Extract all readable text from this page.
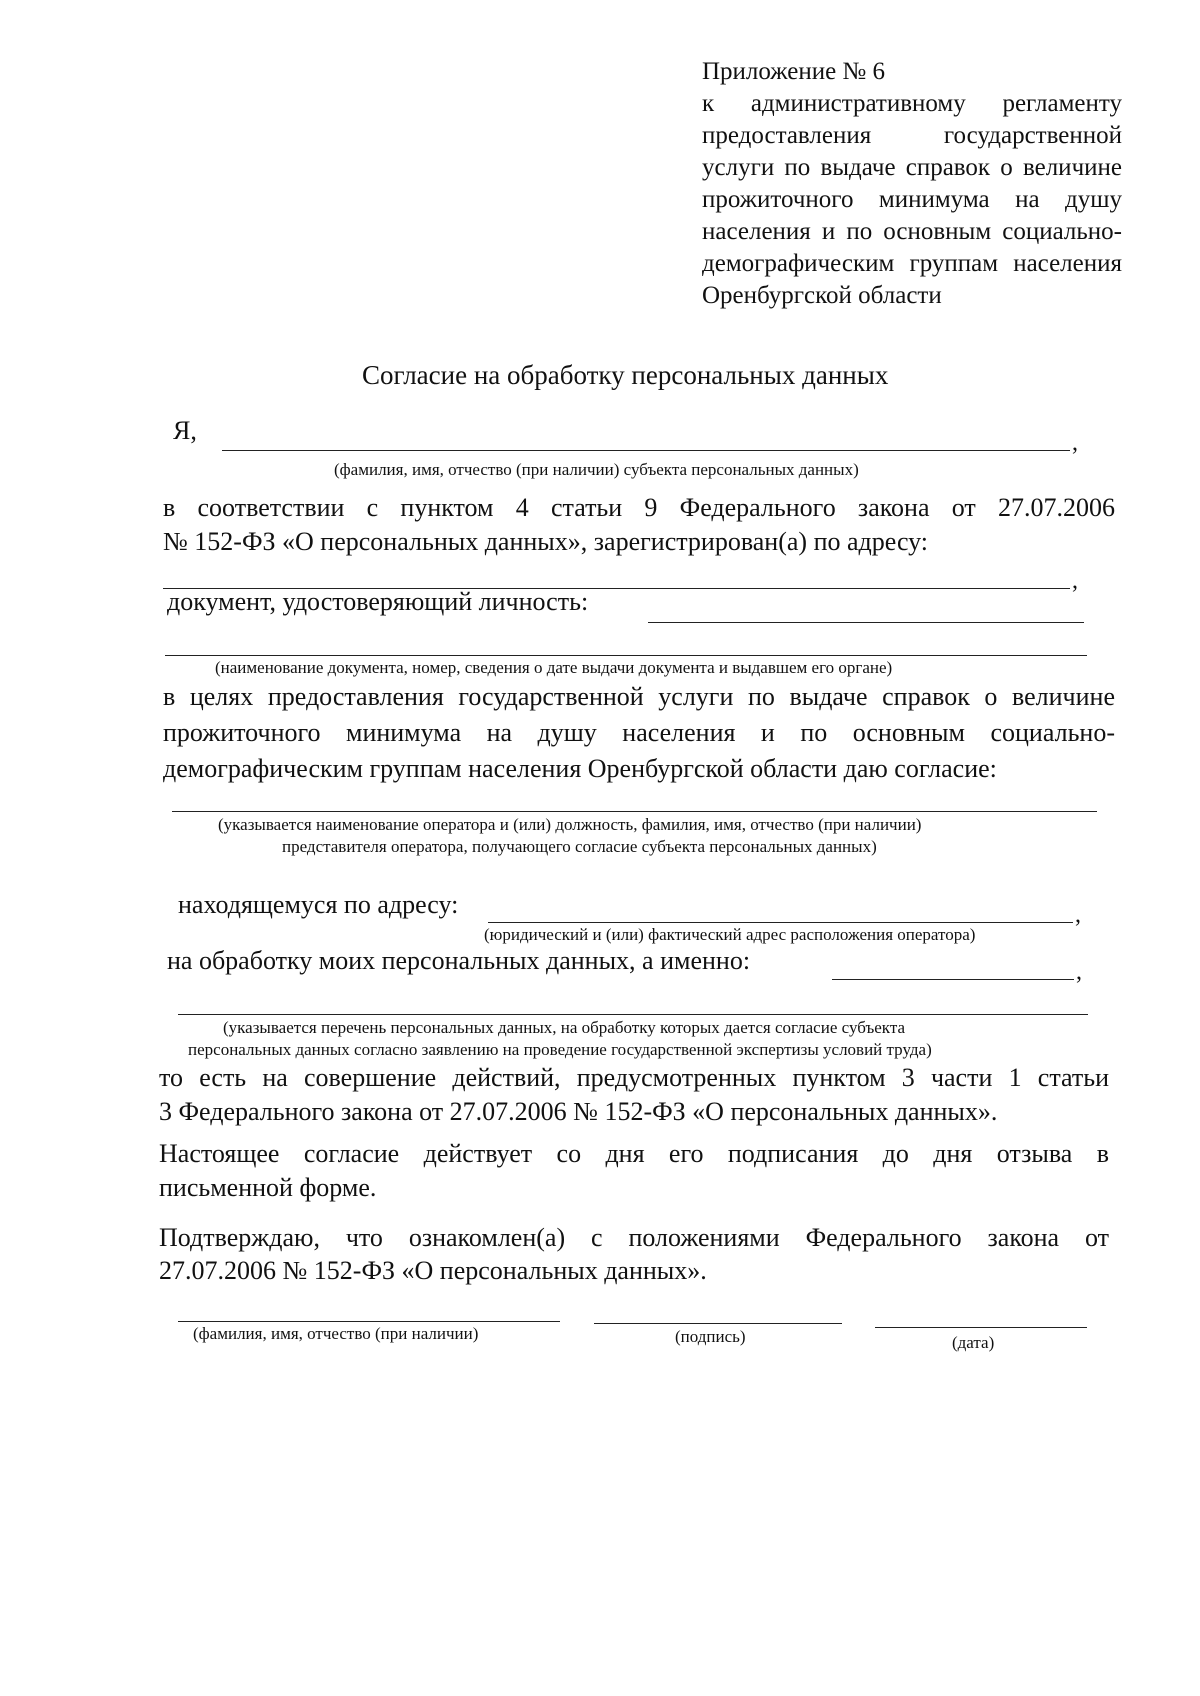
Приложение № 6
к административному регламенту
предоставления государственной
услуги по выдаче справок о величине
прожиточного минимума на душу
населения и по основным социально-
демографическим группам населения
Оренбургской области
Согласие на обработку персональных данных
Я,	,
(фамилия, имя, отчество (при наличии) субъекта персональных данных)
в соответствии с пунктом 4 статьи 9 Федерального закона от 27.07.2006
№ 152-ФЗ «О персональных данных», зарегистрирован(а) по адресу:
,
документ, удостоверяющий личность:
(наименование документа, номер, сведения о дате выдачи документа и выдавшем его органе)
в целях предоставления государственной услуги по выдаче справок о величине
прожиточного минимума на душу населения и по основным социально-
демографическим группам населения Оренбургской области даю согласие:
(указывается наименование оператора и (или) должность, фамилия, имя, отчество (при наличии)
представителя оператора, получающего согласие субъекта персональных данных)
находящемуся по адресу:	,
(юридический и (или) фактический адрес расположения оператора)
на обработку моих персональных данных, а именно:	,
(указывается перечень персональных данных, на обработку которых дается согласие субъекта
персональных данных согласно заявлению на проведение государственной экспертизы условий труда)
то есть на совершение действий, предусмотренных пунктом 3 части 1 статьи
3 Федерального закона от 27.07.2006 № 152-ФЗ «О персональных данных».
Настоящее согласие действует со дня его подписания до дня отзыва в
письменной форме.
Подтверждаю, что ознакомлен(а) с положениями Федерального закона от
27.07.2006 № 152-ФЗ «О персональных данных».
(фамилия, имя, отчество (при наличии)	(подпись)	(дата)
